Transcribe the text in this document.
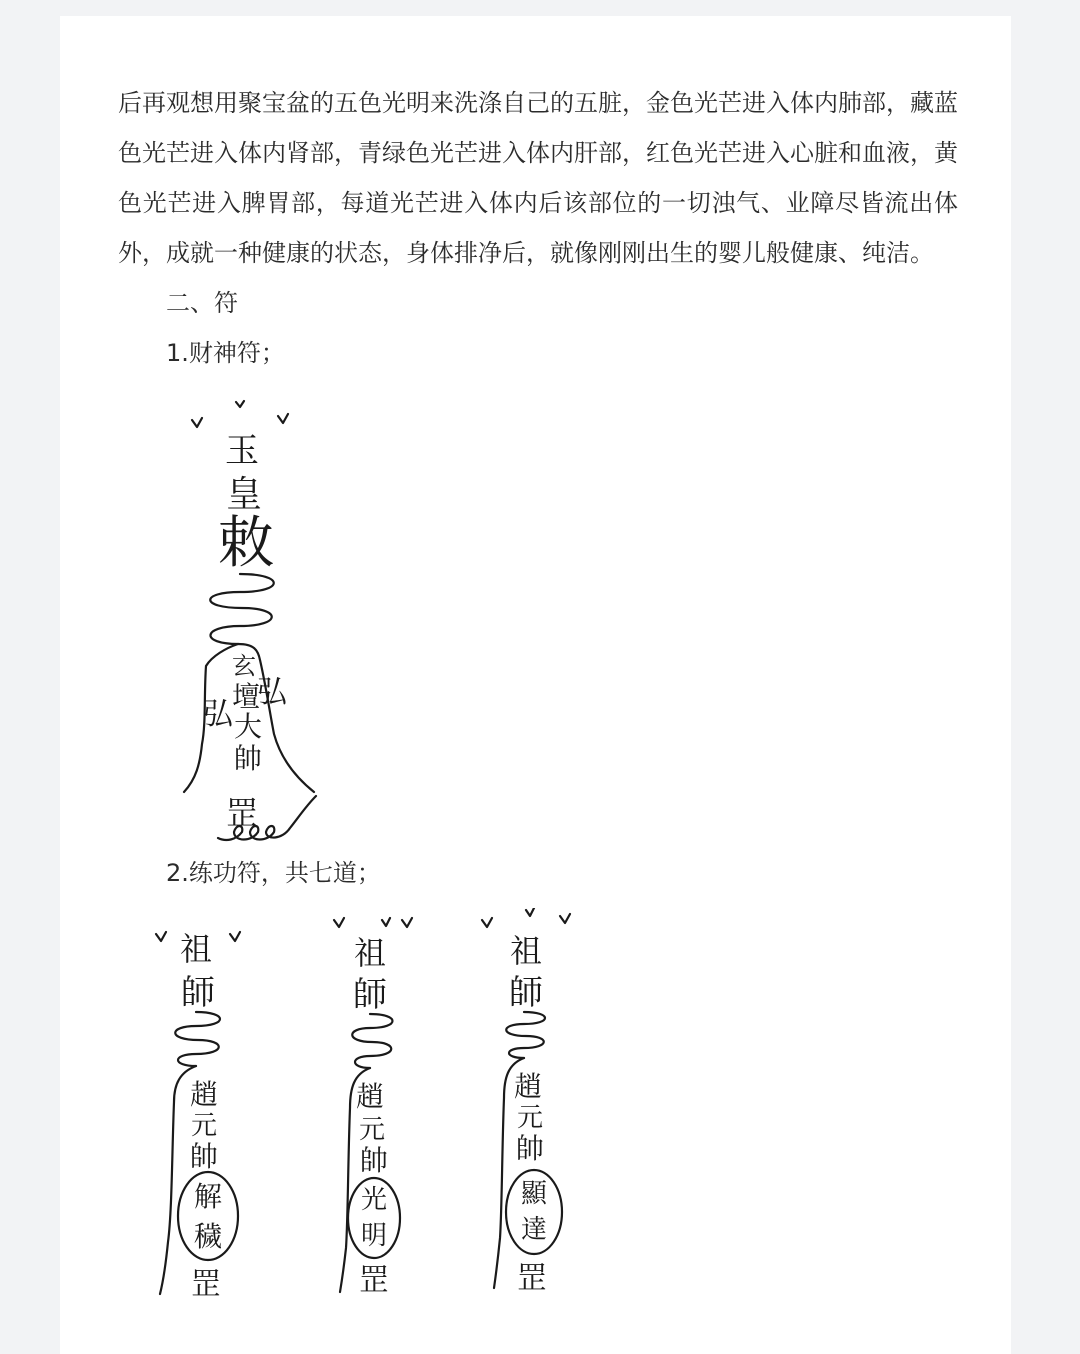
后再观想用聚宝盆的五色光明来洗涤自己的五脏，金色光芒进入体内肺部，藏蓝色光芒进入体内肾部，青绿色光芒进入体内肝部，红色光芒进入心脏和血液，黄色光芒进入脾胃部，每道光芒进入体内后该部位的一切浊气、业障尽皆流出体外，成就一种健康的状态，身体排净后，就像刚刚出生的婴儿般健康、纯洁。

二、符

1.财神符；

玉
皇
敕
弘
弘
玄
壇
大
帥
罡

2.练功符，共七道；

祖
師
趙
元
帥
解
穢
罡
祖
師
趙
元
帥
光
明
罡
祖
師
趙
元
帥
顯
達
罡
